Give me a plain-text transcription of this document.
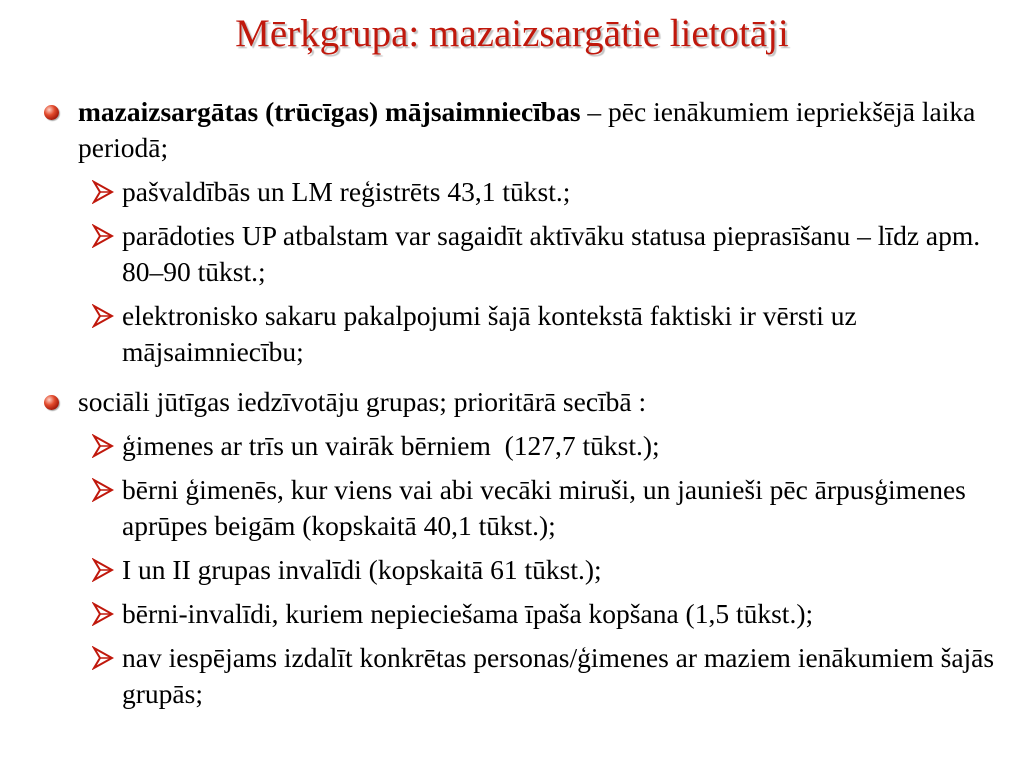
Mērķgrupa: mazaizsargātie lietotāji
mazaizsargātas (trūcīgas) mājsaimniecības – pēc ienākumiem iepriekšējā laika periodā;
pašvaldībās un LM reģistrēts 43,1 tūkst.;
parādoties UP atbalstam var sagaidīt aktīvāku statusa pieprasīšanu – līdz apm. 80–90 tūkst.;
elektronisko sakaru pakalpojumi šajā kontekstā faktiski ir vērsti uz mājsaimniecību;
sociāli jūtīgas iedzīvotāju grupas; prioritārā secībā :
ģimenes ar trīs un vairāk bērniem  (127,7 tūkst.);
bērni ģimenēs, kur viens vai abi vecāki miruši, un jaunieši pēc ārpusģimenes aprūpes beigām (kopskaitā 40,1 tūkst.);
I un II grupas invalīdi (kopskaitā 61 tūkst.);
bērni-invalīdi, kuriem nepieciešama īpaša kopšana (1,5 tūkst.);
nav iespējams izdalīt konkrētas personas/ģimenes ar maziem ienākumiem šajās grupās;
